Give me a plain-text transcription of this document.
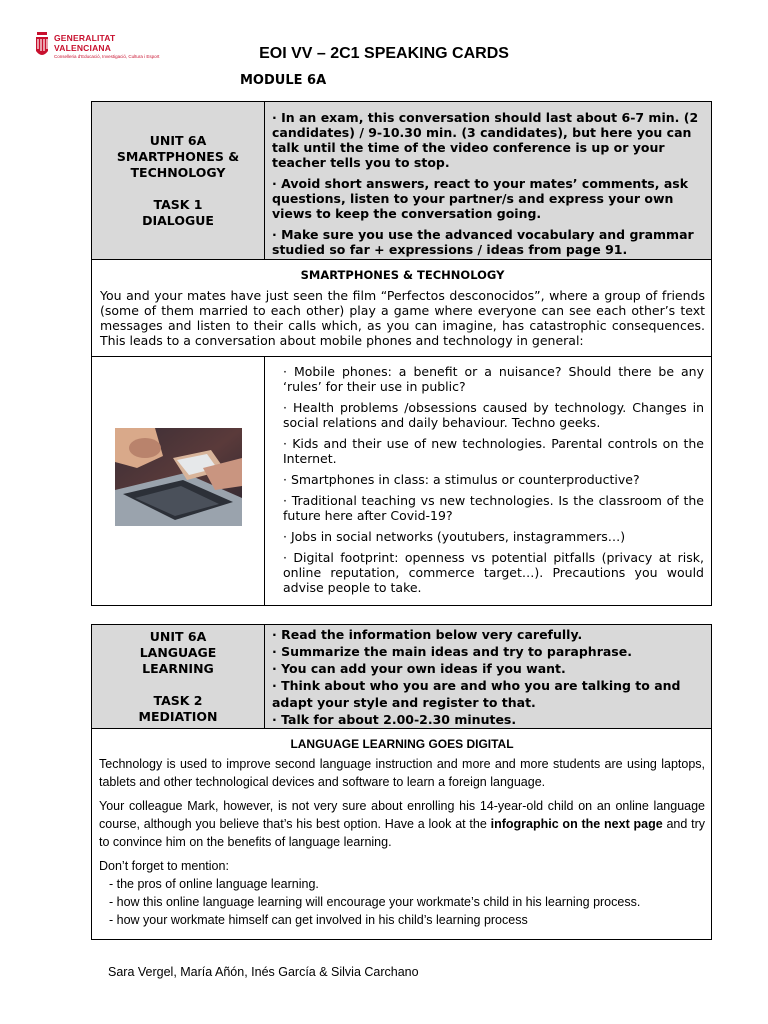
GENERALITAT
VALENCIANA
Conselleria d'Educació, Investigació, Cultura i Esport	EOI VV – 2C1 SPEAKING CARDS
MODULE 6A
UNIT 6A
SMARTPHONES &
TECHNOLOGY
TASK 1
DIALOGUE

· In an exam, this conversation should last about 6-7 min. (2 candidates) / 9-10.30 min. (3 candidates), but here you can talk until the time of the video conference is up or your teacher tells you to stop.

· Avoid short answers, react to your mates’ comments, ask questions, listen to your partner/s and express your own views to keep the conversation going.

· Make sure you use the advanced vocabulary and grammar studied so far + expressions / ideas from page 91.

SMARTPHONES & TECHNOLOGY
You and your mates have just seen the film “Perfectos desconocidos”, where a group of friends (some of them married to each other) play a game where everyone can see each other’s text messages and listen to their calls which, as you can imagine, has catastrophic consequences. This leads to a conversation about mobile phones and technology in general:
· Mobile phones: a benefit or a nuisance? Should there be any ‘rules’ for their use in public?
· Health problems /obsessions caused by technology. Changes in social relations and daily behaviour. Techno geeks.
· Kids and their use of new technologies. Parental controls on the Internet.
· Smartphones in class: a stimulus or counterproductive?
· Traditional teaching vs new technologies. Is the classroom of the future here after Covid-19?
· Jobs in social networks (youtubers, instagrammers…)
· Digital footprint: openness vs potential pitfalls (privacy at risk, online reputation, commerce target…). Precautions you would advise people to take.
UNIT 6A
LANGUAGE
LEARNING
TASK 2
MEDIATION

· Read the information below very carefully.

· Summarize the main ideas and try to paraphrase.

· You can add your own ideas if you want.

· Think about who you are and who you are talking to and adapt your style and register to that.

· Talk for about 2.00-2.30 minutes.

LANGUAGE LEARNING GOES DIGITAL

Technology is used to improve second language instruction and more and more students are using laptops, tablets and other technological devices and software to learn a foreign language.

Your colleague Mark, however, is not very sure about enrolling his 14-year-old child on an online language course, although you believe that’s his best option. Have a look at the infographic on the next page and try to convince him on the benefits of language learning.

Don’t forget to mention:
- the pros of online language learning.
- how this online language learning will encourage your workmate’s child in his learning process.
- how your workmate himself can get involved in his child’s learning process
Sara Vergel, María Añón, Inés García & Silvia Carchano
